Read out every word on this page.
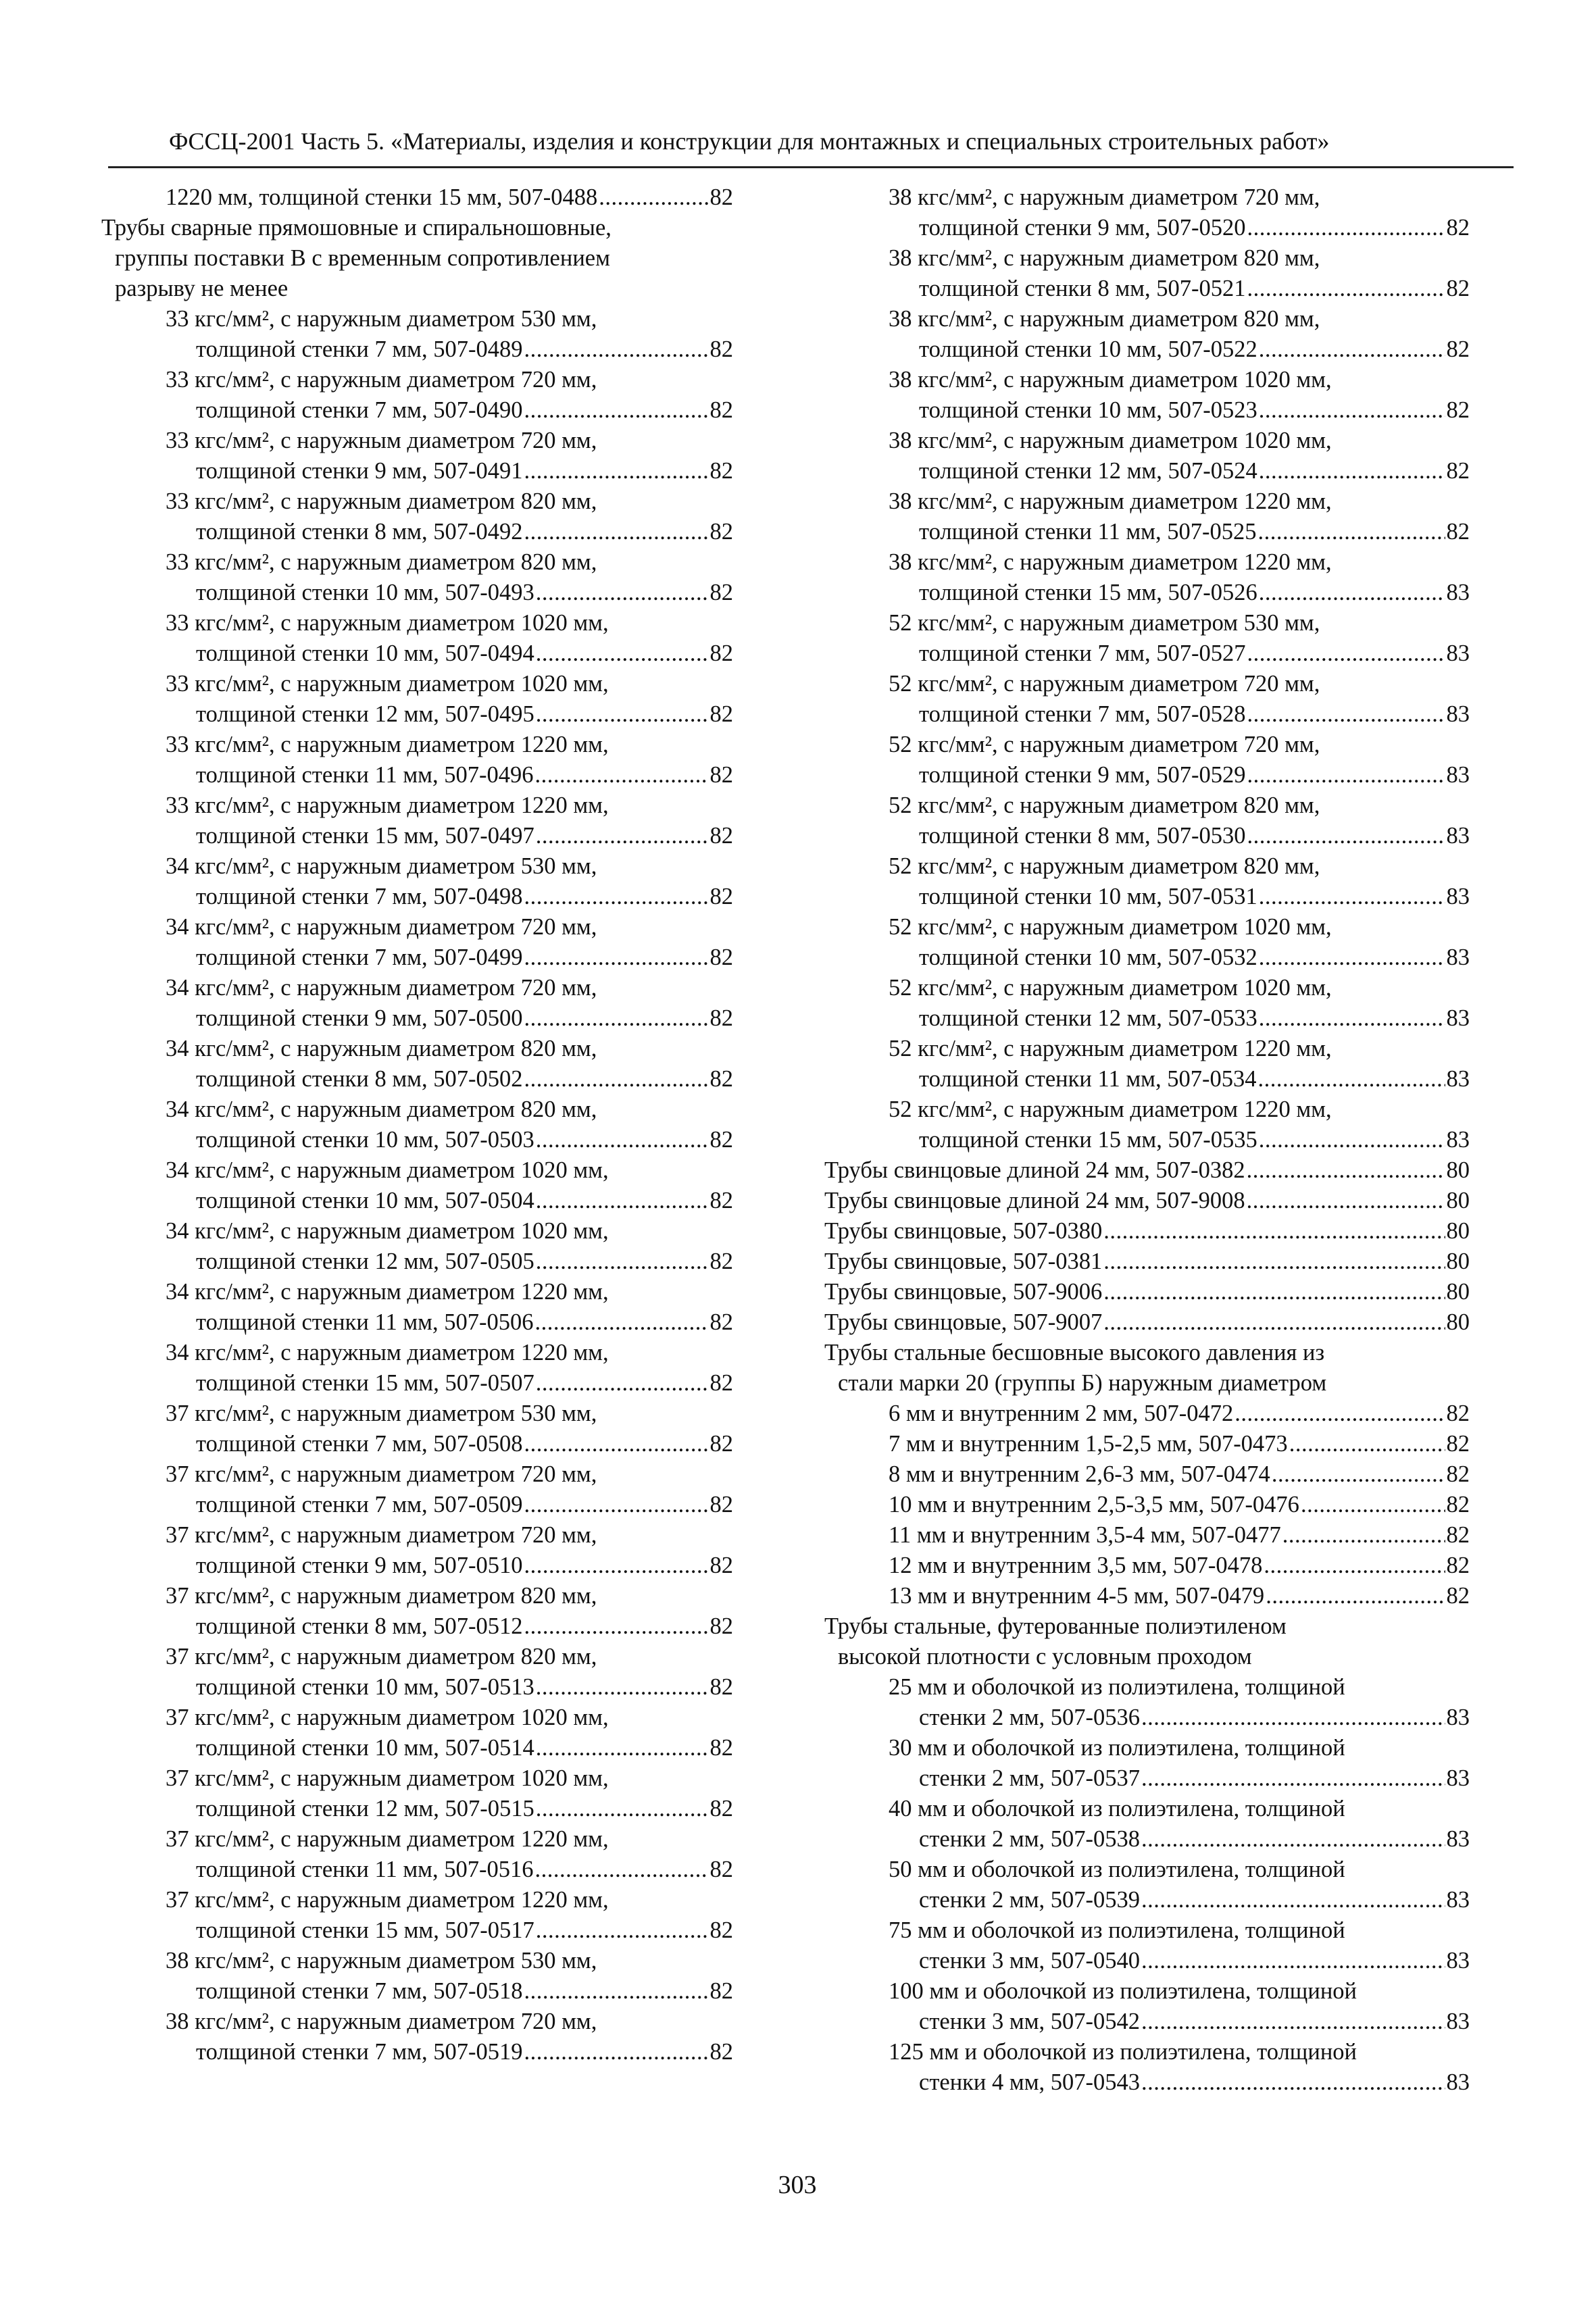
ФССЦ-2001 Часть 5. «Материалы, изделия и конструкции для монтажных и специальных строительных работ»
1220 мм, толщиной стенки 15 мм, 507-0488 .....	82
Трубы сварные прямошовные и спиральношовные,
группы поставки В с временным сопротивлением
разрыву не менее
33 кгс/мм², с наружным диаметром 530 мм,
толщиной стенки 7 мм, 507-0489 .....	82
33 кгс/мм², с наружным диаметром 720 мм,
толщиной стенки 7 мм, 507-0490 .....	82
33 кгс/мм², с наружным диаметром 720 мм,
толщиной стенки 9 мм, 507-0491 .....	82
33 кгс/мм², с наружным диаметром 820 мм,
толщиной стенки 8 мм, 507-0492 .....	82
33 кгс/мм², с наружным диаметром 820 мм,
толщиной стенки 10 мм, 507-0493 .....	82
33 кгс/мм², с наружным диаметром 1020 мм,
толщиной стенки 10 мм, 507-0494 .....	82
33 кгс/мм², с наружным диаметром 1020 мм,
толщиной стенки 12 мм, 507-0495 .....	82
33 кгс/мм², с наружным диаметром 1220 мм,
толщиной стенки 11 мм, 507-0496 .....	82
33 кгс/мм², с наружным диаметром 1220 мм,
толщиной стенки 15 мм, 507-0497 .....	82
34 кгс/мм², с наружным диаметром 530 мм,
толщиной стенки 7 мм, 507-0498 .....	82
34 кгс/мм², с наружным диаметром 720 мм,
толщиной стенки 7 мм, 507-0499 .....	82
34 кгс/мм², с наружным диаметром 720 мм,
толщиной стенки 9 мм, 507-0500 .....	82
34 кгс/мм², с наружным диаметром 820 мм,
толщиной стенки 8 мм, 507-0502 .....	82
34 кгс/мм², с наружным диаметром 820 мм,
толщиной стенки 10 мм, 507-0503 .....	82
34 кгс/мм², с наружным диаметром 1020 мм,
толщиной стенки 10 мм, 507-0504 .....	82
34 кгс/мм², с наружным диаметром 1020 мм,
толщиной стенки 12 мм, 507-0505 .....	82
34 кгс/мм², с наружным диаметром 1220 мм,
толщиной стенки 11 мм, 507-0506 .....	82
34 кгс/мм², с наружным диаметром 1220 мм,
толщиной стенки 15 мм, 507-0507 .....	82
37 кгс/мм², с наружным диаметром 530 мм,
толщиной стенки 7 мм, 507-0508 .....	82
37 кгс/мм², с наружным диаметром 720 мм,
толщиной стенки 7 мм, 507-0509 .....	82
37 кгс/мм², с наружным диаметром 720 мм,
толщиной стенки 9 мм, 507-0510 .....	82
37 кгс/мм², с наружным диаметром 820 мм,
толщиной стенки 8 мм, 507-0512 .....	82
37 кгс/мм², с наружным диаметром 820 мм,
толщиной стенки 10 мм, 507-0513 .....	82
37 кгс/мм², с наружным диаметром 1020 мм,
толщиной стенки 10 мм, 507-0514 .....	82
37 кгс/мм², с наружным диаметром 1020 мм,
толщиной стенки 12 мм, 507-0515 .....	82
37 кгс/мм², с наружным диаметром 1220 мм,
толщиной стенки 11 мм, 507-0516 .....	82
37 кгс/мм², с наружным диаметром 1220 мм,
толщиной стенки 15 мм, 507-0517 .....	82
38 кгс/мм², с наружным диаметром 530 мм,
толщиной стенки 7 мм, 507-0518 .....	82
38 кгс/мм², с наружным диаметром 720 мм,
толщиной стенки 7 мм, 507-0519 .....	82
38 кгс/мм², с наружным диаметром 720 мм,
толщиной стенки 9 мм, 507-0520 .....	82
38 кгс/мм², с наружным диаметром 820 мм,
толщиной стенки 8 мм, 507-0521 .....	82
38 кгс/мм², с наружным диаметром 820 мм,
толщиной стенки 10 мм, 507-0522 .....	82
38 кгс/мм², с наружным диаметром 1020 мм,
толщиной стенки 10 мм, 507-0523 .....	82
38 кгс/мм², с наружным диаметром 1020 мм,
толщиной стенки 12 мм, 507-0524 .....	82
38 кгс/мм², с наружным диаметром 1220 мм,
толщиной стенки 11 мм, 507-0525 .....	82
38 кгс/мм², с наружным диаметром 1220 мм,
толщиной стенки 15 мм, 507-0526 .....	83
52 кгс/мм², с наружным диаметром 530 мм,
толщиной стенки 7 мм, 507-0527 .....	83
52 кгс/мм², с наружным диаметром 720 мм,
толщиной стенки 7 мм, 507-0528 .....	83
52 кгс/мм², с наружным диаметром 720 мм,
толщиной стенки 9 мм, 507-0529 .....	83
52 кгс/мм², с наружным диаметром 820 мм,
толщиной стенки 8 мм, 507-0530 .....	83
52 кгс/мм², с наружным диаметром 820 мм,
толщиной стенки 10 мм, 507-0531 .....	83
52 кгс/мм², с наружным диаметром 1020 мм,
толщиной стенки 10 мм, 507-0532 .....	83
52 кгс/мм², с наружным диаметром 1020 мм,
толщиной стенки 12 мм, 507-0533 .....	83
52 кгс/мм², с наружным диаметром 1220 мм,
толщиной стенки 11 мм, 507-0534 .....	83
52 кгс/мм², с наружным диаметром 1220 мм,
толщиной стенки 15 мм, 507-0535 .....	83
Трубы свинцовые длиной 24 мм, 507-0382 .....	80
Трубы свинцовые длиной 24 мм, 507-9008 .....	80
Трубы свинцовые, 507-0380 .....	80
Трубы свинцовые, 507-0381 .....	80
Трубы свинцовые, 507-9006 .....	80
Трубы свинцовые, 507-9007 .....	80
Трубы стальные бесшовные высокого давления из
стали марки 20 (группы Б) наружным диаметром
6 мм и внутренним 2 мм, 507-0472 .....	82
7 мм и внутренним 1,5-2,5 мм, 507-0473 .....	82
8 мм и внутренним 2,6-3 мм, 507-0474 .....	82
10 мм и внутренним 2,5-3,5 мм, 507-0476 .....	82
11 мм и внутренним 3,5-4 мм, 507-0477 .....	82
12 мм и внутренним 3,5 мм, 507-0478 .....	82
13 мм и внутренним 4-5 мм, 507-0479 .....	82
Трубы стальные, футерованные полиэтиленом
высокой плотности с условным проходом
25 мм и оболочкой из полиэтилена, толщиной
стенки 2 мм, 507-0536 .....	83
30 мм и оболочкой из полиэтилена, толщиной
стенки 2 мм, 507-0537 .....	83
40 мм и оболочкой из полиэтилена, толщиной
стенки 2 мм, 507-0538 .....	83
50 мм и оболочкой из полиэтилена, толщиной
стенки 2 мм, 507-0539 .....	83
75 мм и оболочкой из полиэтилена, толщиной
стенки 3 мм, 507-0540 .....	83
100 мм и оболочкой из полиэтилена, толщиной
стенки 3 мм, 507-0542 .....	83
125 мм и оболочкой из полиэтилена, толщиной
стенки 4 мм, 507-0543 .....	83
303
